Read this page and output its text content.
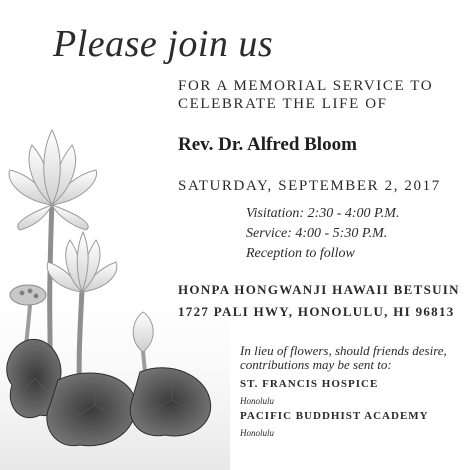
Please join us
FOR A MEMORIAL SERVICE TO
CELEBRATE THE LIFE OF
Rev. Dr. Alfred Bloom
SATURDAY, SEPTEMBER 2, 2017
Visitation: 2:30 - 4:00 P.M.
Service: 4:00 - 5:30 P.M.
Reception to follow
HONPA HONGWANJI HAWAII BETSUIN
1727 PALI HWY, HONOLULU, HI 96813
In lieu of flowers, should friends desire,
contributions may be sent to:
ST. FRANCIS HOSPICE
Honolulu
PACIFIC BUDDHIST ACADEMY
Honolulu
